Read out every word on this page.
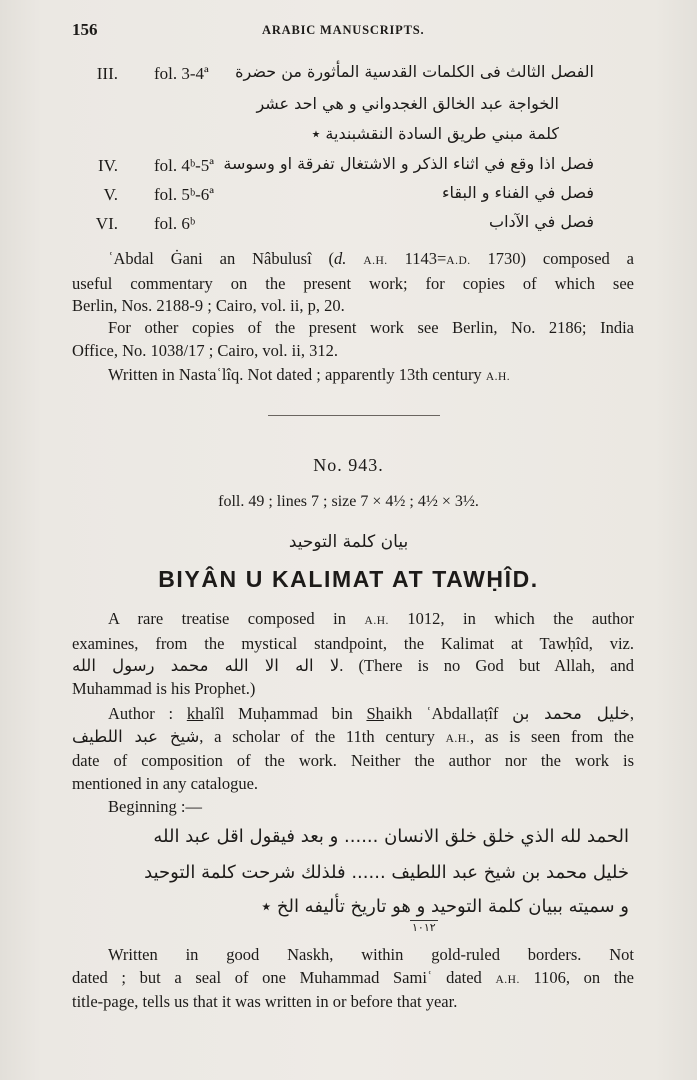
156	ARABIC MANUSCRIPTS.
III. fol. 3-4ª الفصل الثالث فى الكلمات القدسية المأثورة من حضرة
الخواجة عبد الخالق الغجدواني و هي احد عشر
كلمة مبني طريق السادة النقشبندية ٭
IV. fol. 4ᵇ-5ª فصل اذا وقع في اثناء الذكر و الاشتغال تفرقة او وسوسة
V. fol. 5ᵇ-6ª	فصل في الفناء و البقاء
VI. fol. 6ᵇ	فصل في الآداب
ʿAbdal Ġani an Nâbulusî (d. A.H. 1143=A.D. 1730) composed a
useful commentary on the present work; for copies of which see
Berlin, Nos. 2188-9 ; Cairo, vol. ii, p, 20.
For other copies of the present work see Berlin, No. 2186; India
Office, No. 1038/17 ; Cairo, vol. ii, 312.
Written in Nastaʿlîq. Not dated ; apparently 13th century A.H.
No. 943.
foll. 49 ; lines 7 ; size 7 × 4½ ; 4½ × 3½.
بيان كلمة التوحيد
BIYÂN U KALIMAT AT TAWḤÎD.
A rare treatise composed in A.H. 1012, in which the author
examines, from the mystical standpoint, the Kalimat at Tawḥîd, viz.
لا اله الا الله محمد رسول الله. (There is no God but Allah, and
Muhammad is his Prophet.)
Author : khalîl Muḥammad bin Shaikh ʿAbdallaṭîf خليل محمد بن,
شيخ عبد اللطيف, a scholar of the 11th century A.H., as is seen from the
date of composition of the work. Neither the author nor the work is
mentioned in any catalogue.
Beginning :—
الحمد لله الذي خلق خلق الانسان ...... و بعد فيقول اقل عبد الله
خليل محمد بن شيخ عبد اللطيف ...... فلذلك شرحت كلمة التوحيد
و سميته ببيان كلمة التوحيد و هو تاريخ تأليفه الخ ٭
١٠١٢
Written in good Naskh, within gold-ruled borders. Not
dated ; but a seal of one Muhammad Samiʿ dated A.H. 1106, on the
title-page, tells us that it was written in or before that year.
